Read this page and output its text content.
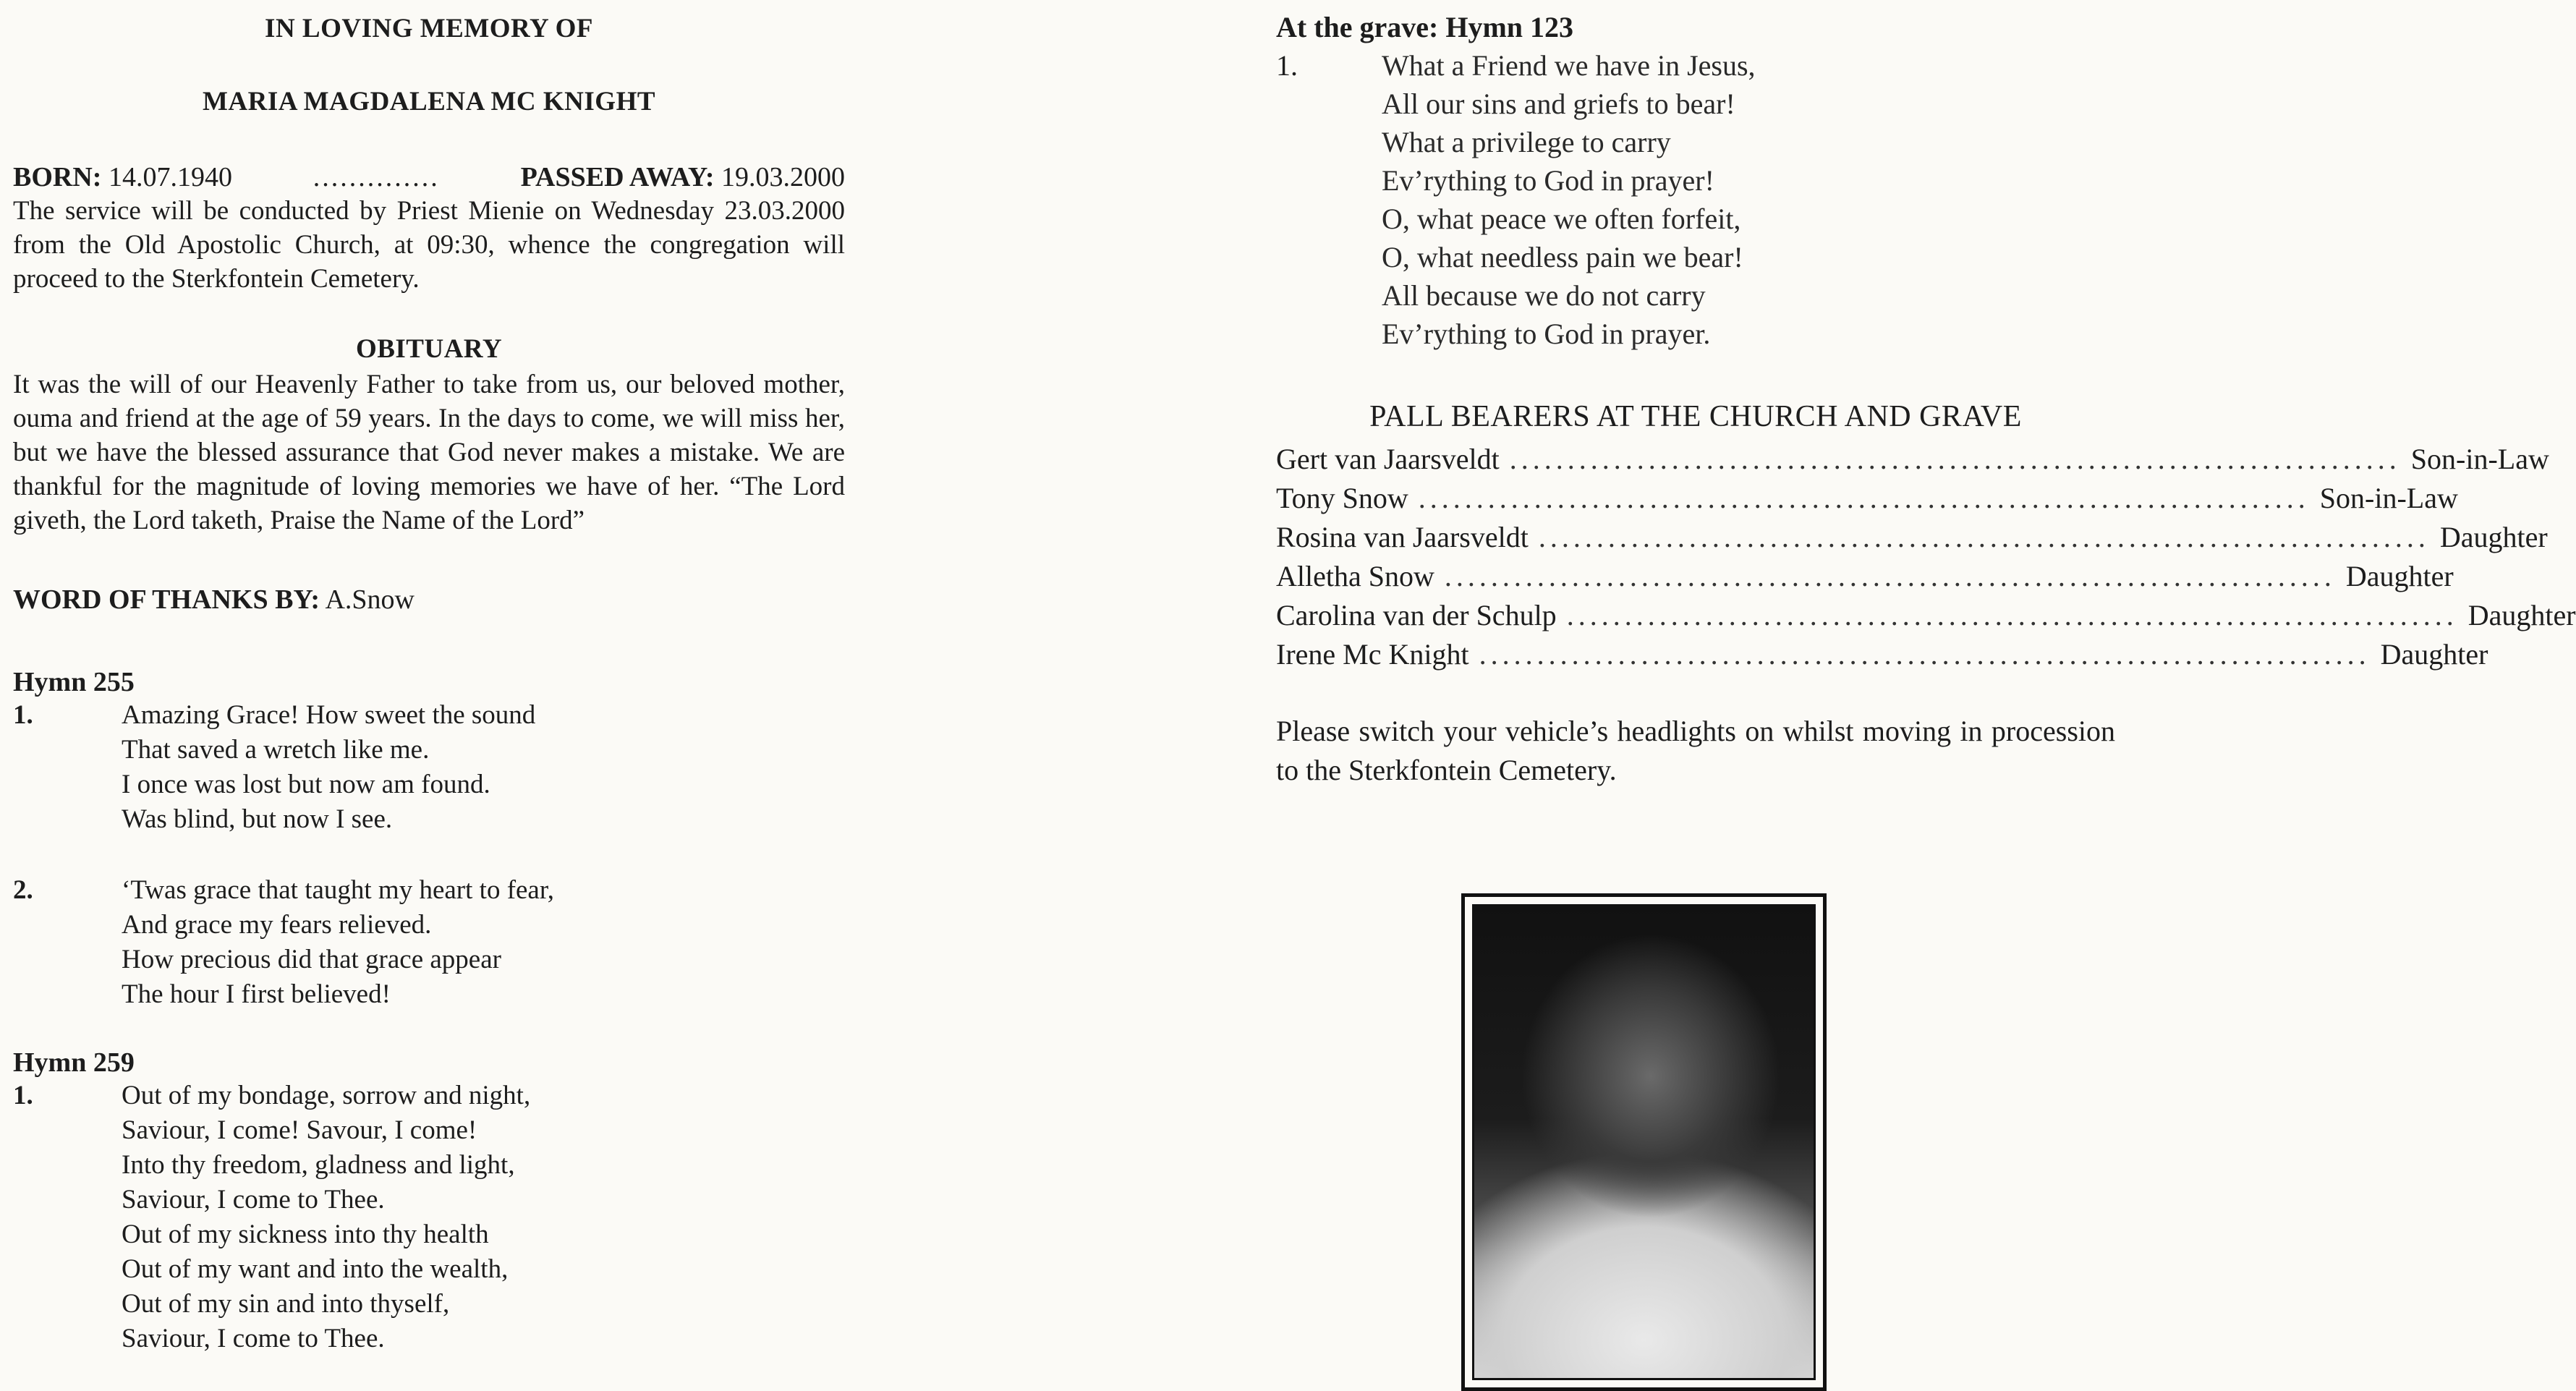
IN LOVING MEMORY OF

MARIA MAGDALENA MC KNIGHT

BORN: 14.07.1940	..............	PASSED AWAY: 19.03.2000

The service will be conducted by Priest Mienie on Wednesday 23.03.2000 from the Old Apostolic Church, at 09:30, whence the congregation will proceed to the Sterkfontein Cemetery.

OBITUARY

It was the will of our Heavenly Father to take from us, our beloved mother, ouma and friend at the age of 59 years. In the days to come, we will miss her, but we have the blessed assurance that God never makes a mistake. We are thankful for the magnitude of loving memories we have of her. “The Lord giveth, the Lord taketh, Praise the Name of the Lord”

WORD OF THANKS BY: A.Snow
Hymn 255
1.	Amazing Grace! How sweet the sound
That saved a wretch like me.
I once was lost but now am found.
Was blind, but now I see.
2.	‘Twas grace that taught my heart to fear,
And grace my fears relieved.
How precious did that grace appear
The hour I first believed!
Hymn 259
1.	Out of my bondage, sorrow and night,
Saviour, I come! Savour, I come!
Into thy freedom, gladness and light,
Saviour, I come to Thee.
Out of my sickness into thy health
Out of my want and into the wealth,
Out of my sin and into thyself,
Saviour, I come to Thee.
At the grave: Hymn 123
1.	What a Friend we have in Jesus,
All our sins and griefs to bear!
What a privilege to carry
Ev’rything to God in prayer!
O, what peace we often forfeit,
O, what needless pain we bear!
All because we do not carry
Ev’rything to God in prayer.
PALL BEARERS AT THE CHURCH AND GRAVE
Gert van Jaarsveldt ............................................................................. Son-in-Law
Tony Snow ............................................................................. Son-in-Law
Rosina van Jaarsveldt ............................................................................. Daughter
Alletha Snow ............................................................................. Daughter
Carolina van der Schulp ............................................................................. Daughter
Irene Mc Knight ............................................................................. Daughter

Please switch your vehicle’s headlights on whilst moving in procession to the Sterkfontein Cemetery.
